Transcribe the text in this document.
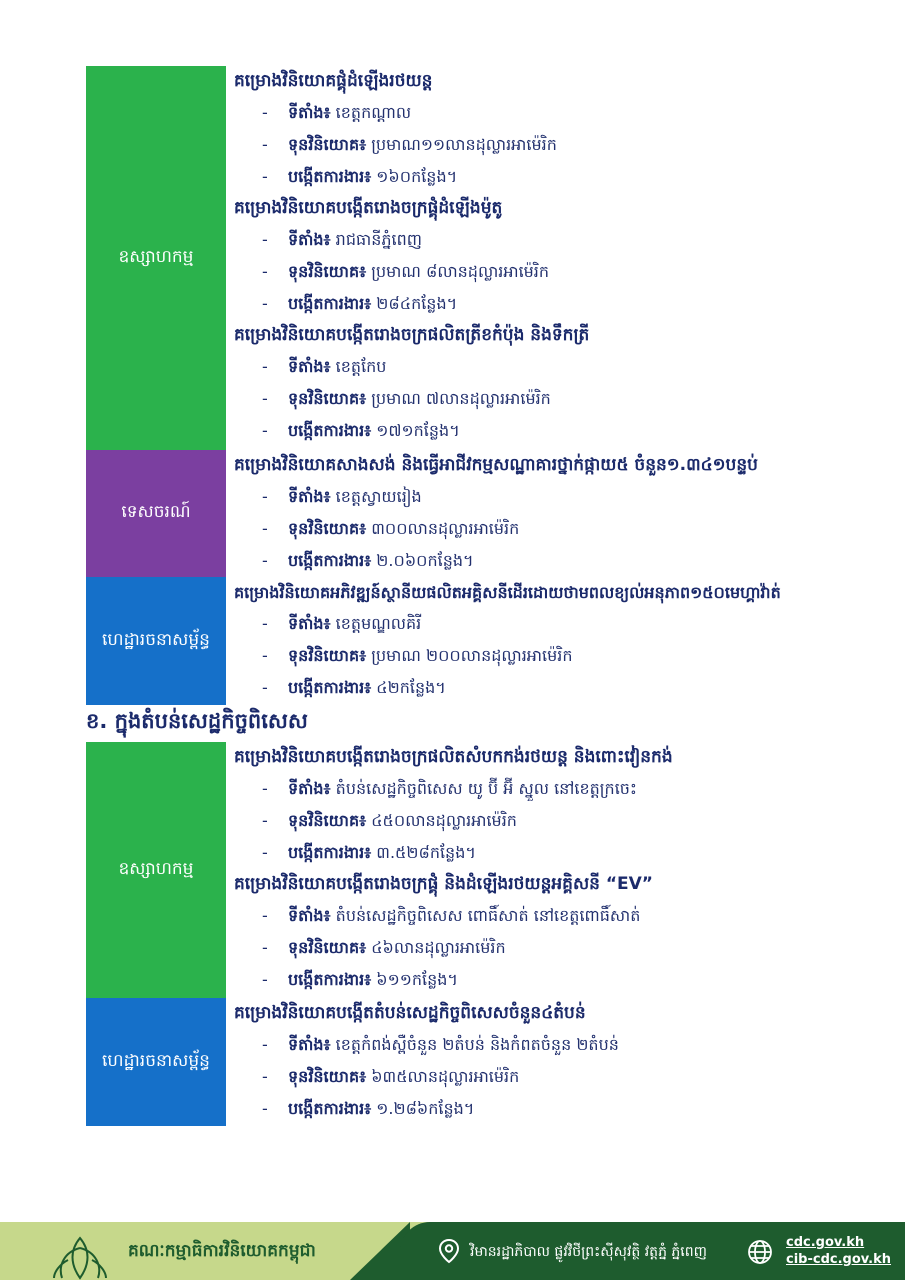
ឧស្សាហកម្ម
គម្រោងវិនិយោគផ្គុំដំឡើងរថយន្ត
- ទីតាំង៖ ខេត្តកណ្ដាល
- ទុនវិនិយោគ៖ ប្រមាណ១១លានដុល្លារអាម៉េរិក
- បង្កើតការងារ៖ ១៦០កន្លែង។
គម្រោងវិនិយោគបង្កើតរោងចក្រផ្គុំដំឡើងម៉ូតូ
- ទីតាំង៖ រាជធានីភ្នំពេញ
- ទុនវិនិយោគ៖ ប្រមាណ ៨លានដុល្លារអាម៉េរិក
- បង្កើតការងារ៖ ២៨៤កន្លែង។
គម្រោងវិនិយោគបង្កើតរោងចក្រផលិតត្រីខកំប៉ុង និងទឹកត្រី
- ទីតាំង៖ ខេត្តកែប
- ទុនវិនិយោគ៖ ប្រមាណ ៧លានដុល្លារអាម៉េរិក
- បង្កើតការងារ៖ ១៧១កន្លែង។
ទេសចរណ៍
គម្រោងវិនិយោគសាងសង់ និងធ្វើអាជីវកម្មសណ្ឋាគារថ្នាក់ផ្កាយ៥ ចំនួន១.៣៤១បន្ទប់
- ទីតាំង៖ ខេត្តស្វាយរៀង
- ទុនវិនិយោគ៖ ៣០០លានដុល្លារអាម៉េរិក
- បង្កើតការងារ៖ ២.០៦០កន្លែង។
ហេដ្ឋារចនាសម្ព័ន្ធ
គម្រោងវិនិយោគអភិវឌ្ឍន៍ស្ថានីយផលិតអគ្គិសនីដើរដោយថាមពលខ្យល់អនុភាព១៥០មេហ្គាវ៉ាត់
- ទីតាំង៖ ខេត្តមណ្ឌលគិរី
- ទុនវិនិយោគ៖ ប្រមាណ ២០០លានដុល្លារអាម៉េរិក
- បង្កើតការងារ៖ ៤២កន្លែង។
ខ. ក្នុងតំបន់សេដ្ឋកិច្ចពិសេស
ឧស្សាហកម្ម
គម្រោងវិនិយោគបង្កើតរោងចក្រផលិតសំបកកង់រថយន្ត និងពោះវៀនកង់
- ទីតាំង៖ តំបន់សេដ្ឋកិច្ចពិសេស យូ ប៊ី អ៊ី ស្នួល នៅខេត្តក្រចេះ
- ទុនវិនិយោគ៖ ៤៥០លានដុល្លារអាម៉េរិក
- បង្កើតការងារ៖ ៣.៥២៨កន្លែង។
គម្រោងវិនិយោគបង្កើតរោងចក្រផ្គុំ និងដំឡើងរថយន្តអគ្គិសនី “EV”
- ទីតាំង៖ តំបន់សេដ្ឋកិច្ចពិសេស ពោធិ៍សាត់ នៅខេត្តពោធិ៍សាត់
- ទុនវិនិយោគ៖ ៤៦លានដុល្លារអាម៉េរិក
- បង្កើតការងារ៖ ៦១១កន្លែង។
ហេដ្ឋារចនាសម្ព័ន្ធ
គម្រោងវិនិយោគបង្កើតតំបន់សេដ្ឋកិច្ចពិសេសចំនួន៤តំបន់
- ទីតាំង៖ ខេត្តកំពង់ស្ពឺចំនួន ២តំបន់ និងកំពតចំនួន ២តំបន់
- ទុនវិនិយោគ៖ ៦៣៥លានដុល្លារអាម៉េរិក
- បង្កើតការងារ៖ ១.២៨៦កន្លែង។
គណៈកម្មាធិការវិនិយោគកម្ពុជា	វិមានរដ្ឋាភិបាល ផ្លូវវិថីព្រះស៊ីសុវត្ថិ វត្តភ្នំ ភ្នំពេញ
cdc.gov.kh
cib-cdc.gov.kh
